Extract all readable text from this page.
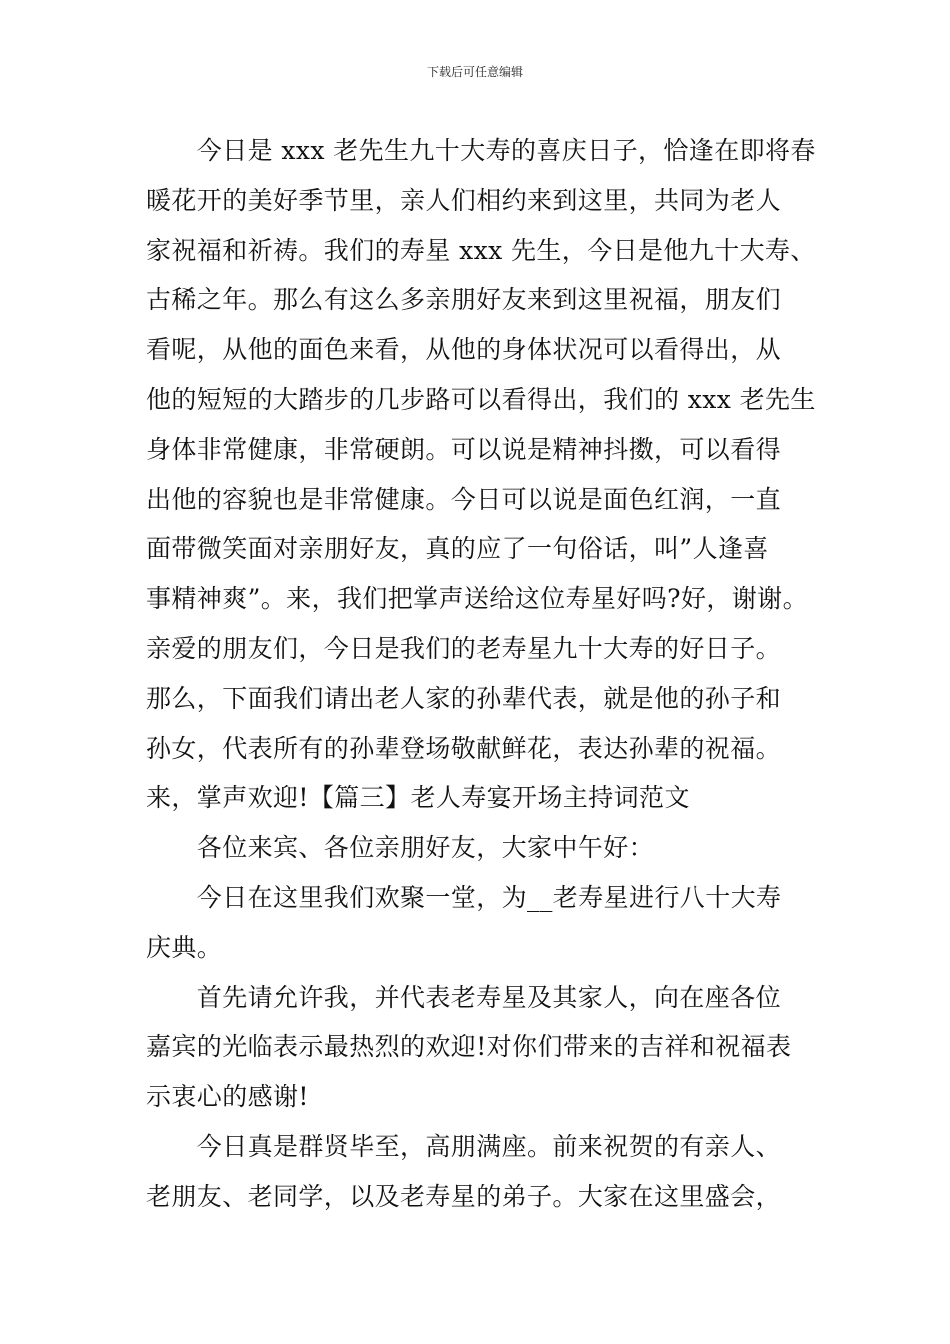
下载后可任意编辑

　　今日是 xxx 老先生九十大寿的喜庆日子，恰逢在即将春
暖花开的美好季节里，亲人们相约来到这里，共同为老人
家祝福和祈祷。我们的寿星 xxx 先生，今日是他九十大寿、
古稀之年。那么有这么多亲朋好友来到这里祝福，朋友们
看呢，从他的面色来看，从他的身体状况可以看得出，从
他的短短的大踏步的几步路可以看得出，我们的 xxx 老先生
身体非常健康，非常硬朗。可以说是精神抖擞，可以看得
出他的容貌也是非常健康。今日可以说是面色红润，一直
面带微笑面对亲朋好友，真的应了一句俗话，叫”人逢喜
事精神爽”。来，我们把掌声送给这位寿星好吗?好，谢谢。
亲爱的朋友们，今日是我们的老寿星九十大寿的好日子。
那么，下面我们请出老人家的孙辈代表，就是他的孙子和
孙女，代表所有的孙辈登场敬献鲜花，表达孙辈的祝福。
来，掌声欢迎!【篇三】老人寿宴开场主持词范文

　　各位来宾、各位亲朋好友，大家中午好：

　　今日在这里我们欢聚一堂，为__老寿星进行八十大寿
庆典。

　　首先请允许我，并代表老寿星及其家人，向在座各位
嘉宾的光临表示最热烈的欢迎!对你们带来的吉祥和祝福表
示衷心的感谢!

　　今日真是群贤毕至，高朋满座。前来祝贺的有亲人、
老朋友、老同学，以及老寿星的弟子。大家在这里盛会，
